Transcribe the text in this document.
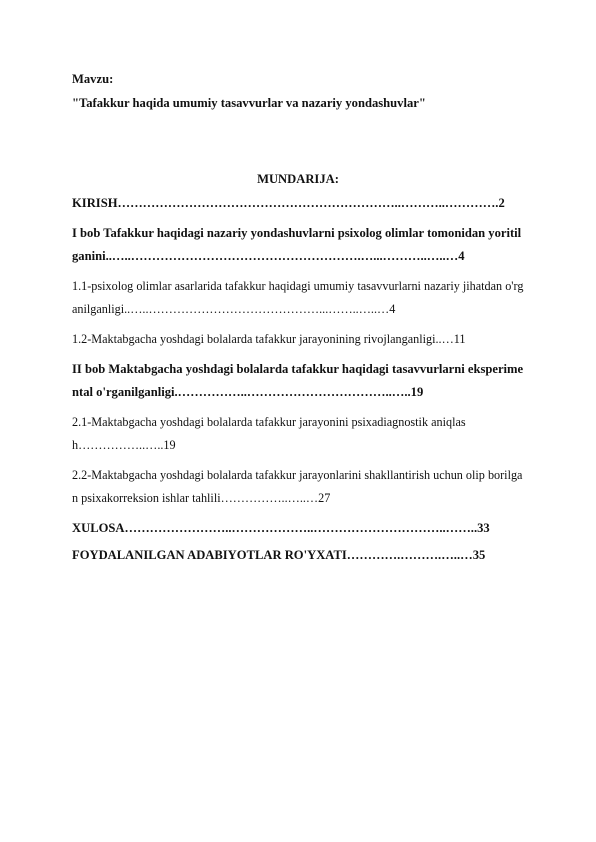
Mavzu:
"Tafakkur haqida umumiy tasavvurlar va nazariy yondashuvlar"
MUNDARIJA:
KIRISH…………………………………………………………..………..………….2
I bob Tafakkur haqidagi nazariy yondashuvlarni psixolog olimlar tomonidan yoritilganini..…..……………………………………………….…...………..…..…4
1.1-psixolog olimlar asarlarida tafakkur haqidagi umumiy tasavvurlarni nazariy jihatdan o'rganilganligi..…..……………………………………...……..…..…4
1.2-Maktabgacha yoshdagi bolalarda tafakkur jarayonining rivojlanganligi..…11
II bob Maktabgacha yoshdagi bolalarda tafakkur haqidagi tasavvurlarni eksperimental o'rganilganligi.……………..……………………………..…..19
2.1-Maktabgacha yoshdagi bolalarda tafakkur jarayonini psixadiagnostik aniqlash……………..…..19
2.2-Maktabgacha yoshdagi bolalarda tafakkur jarayonlarini shakllantirish uchun olip borilgan psixakorreksion ishlar tahlili……………..…..…27
XULOSA……………………..………………..…………………………..……..33
FOYDALANILGAN ADABIYOTLAR RO'YXATI………….……….…..…35
